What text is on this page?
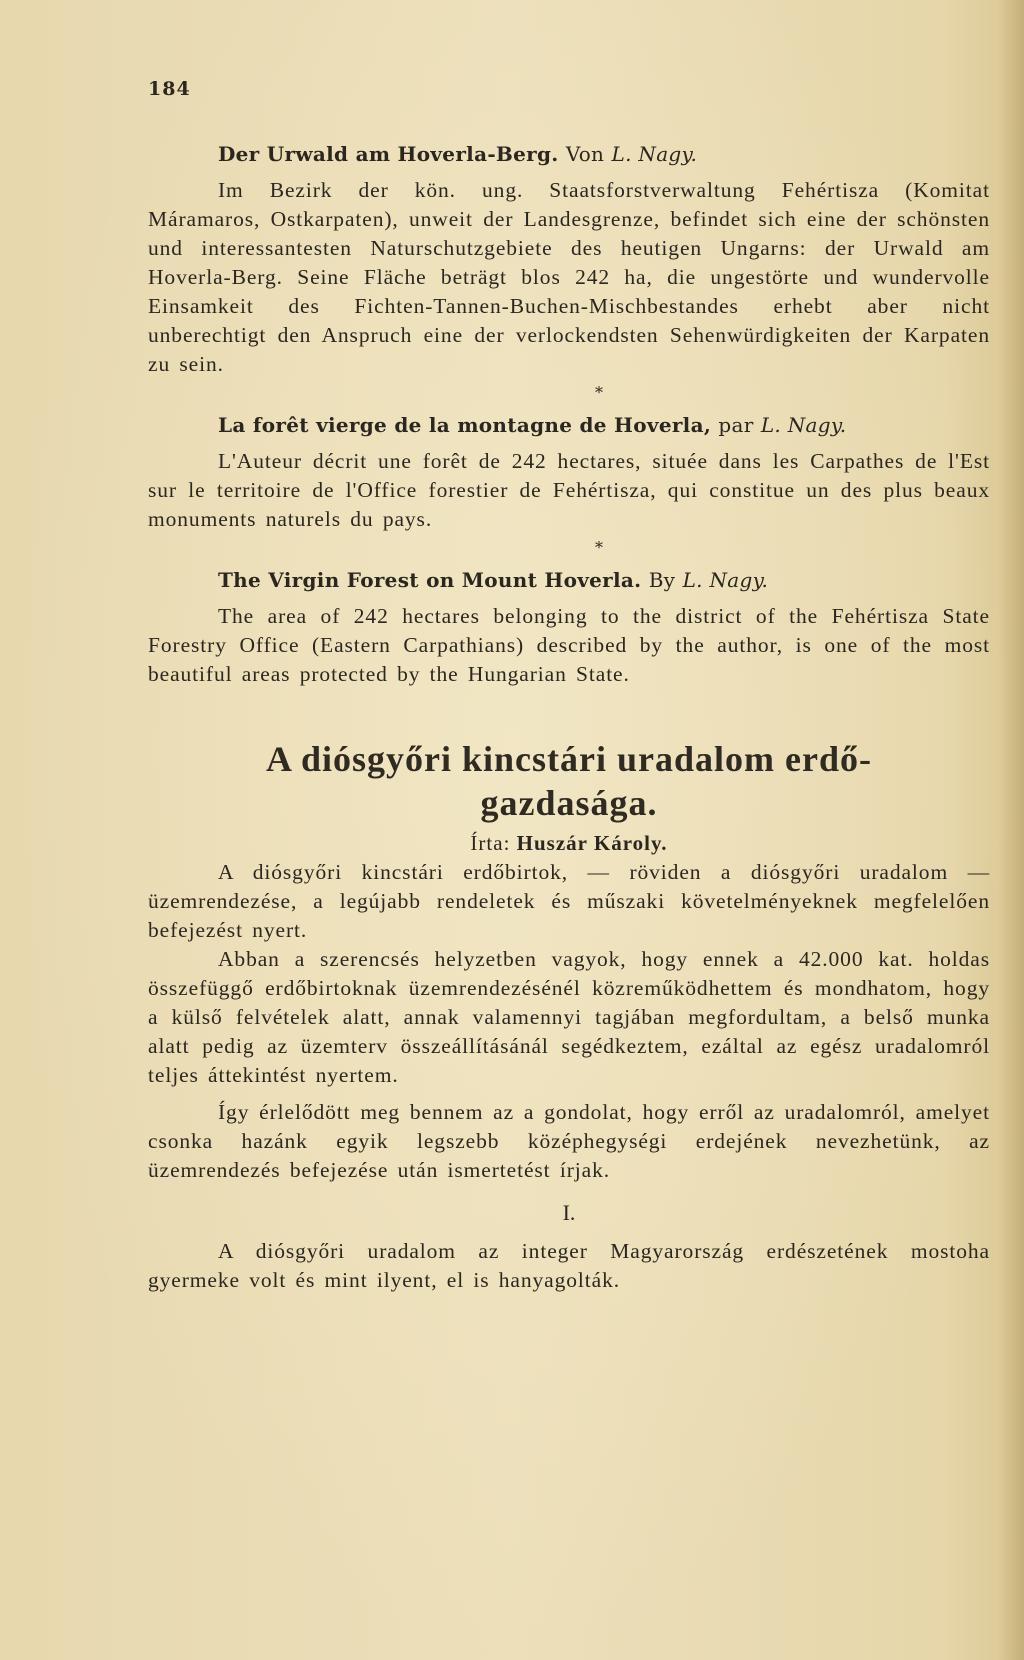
184

Der Urwald am Hoverla-Berg. Von L. Nagy.

Im Bezirk der kön. ung. Staatsforstverwaltung Fehértisza (Komitat Máramaros, Ostkarpaten), unweit der Landesgrenze, befindet sich eine der schönsten und interessantesten Naturschutzgebiete des heutigen Ungarns: der Urwald am Hoverla-Berg. Seine Fläche beträgt blos 242 ha, die ungestörte und wundervolle Einsamkeit des Fichten-Tannen-Buchen-Mischbestandes erhebt aber nicht unberechtigt den Anspruch eine der verlockendsten Sehenwürdigkeiten der Karpaten zu sein.

*

La forêt vierge de la montagne de Hoverla, par L. Nagy.

L'Auteur décrit une forêt de 242 hectares, située dans les Carpathes de l'Est sur le territoire de l'Office forestier de Fehértisza, qui constitue un des plus beaux monuments naturels du pays.

*

The Virgin Forest on Mount Hoverla. By L. Nagy.

The area of 242 hectares belonging to the district of the Fehértisza State Forestry Office (Eastern Carpathians) described by the author, is one of the most beautiful areas protected by the Hungarian State.

A diósgyőri kincstári uradalom erdő-
gazdasága.

Írta: Huszár Károly.

A diósgyőri kincstári erdőbirtok, — röviden a diósgyőri uradalom — üzemrendezése, a legújabb rendeletek és műszaki követelményeknek megfelelően befejezést nyert.

Abban a szerencsés helyzetben vagyok, hogy ennek a 42.000 kat. holdas összefüggő erdőbirtoknak üzemrendezésénél közreműködhettem és mondhatom, hogy a külső felvételek alatt, annak valamennyi tagjában megfordultam, a belső munka alatt pedig az üzemterv összeállításánál segédkeztem, ezáltal az egész uradalomról teljes áttekintést nyertem.

Így érlelődött meg bennem az a gondolat, hogy erről az uradalomról, amelyet csonka hazánk egyik legszebb középhegységi erdejének nevezhetünk, az üzemrendezés befejezése után ismertetést írjak.

I.

A diósgyőri uradalom az integer Magyarország erdészetének mostoha gyermeke volt és mint ilyent, el is hanyagolták.
